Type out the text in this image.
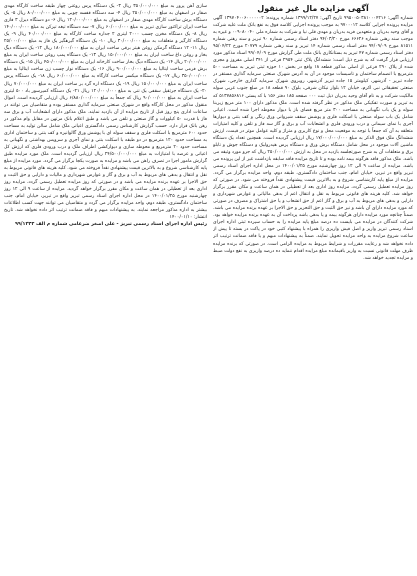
آگهی مزایده مال غیر منقول

شماره آگهی: ۹۹۵۰۰۵۰۳۸۱۰۰۰۴۲۱۶ تاریخ آگهی: ۱۳۹۹/۱۲/۲۷ شماره پرونده: ۱۳۹۷۰۴۰۰۶۰۰۰۰۰۰۲ آگهی مزایده پرونده اجرایی کلاسه ۹۷۰۰۰۱۲ به موجب پرونده اجرایی کلاسه فوق به نفع بانک ملت علیه شرکت و آقای وحید بدریان و متعهدین فرید بدریان و مهدی قلی نیا و شرکت به شماره ملی ۰۰۹۰۸۰۰۴۰ و غیره به موجب سند رهنی شماره ۶۶۶۲۶ مورخ ۹۴/۰۳/۲۰ دفتر اسناد رسمی شماره ۹۰ تبریز و سند رهنی شماره ۸۱۵۱۱ مورخ ۹۴/۰۹/۰۹ دفتر اسناد رسمی شماره ۱۴ تبریز و سند رهنی شماره ۲۰۷۷۹ مورخ ۹۵/۰۴/۲۲ دفتر اسناد رسمی شماره ۴۷ تبریز به بستانکاری بانک ملت طی گزارش مورخ ۹۹/۰۴/۰۹ اسناد مذکور مورد ارزیابی قرار گرفت که به شرح ذیل است: ششدانگ پلاک ثبتی ۲۹۵۴ فرعی از ۳۴۱ اصلی مفروز و مجزی شده از پلاک ۲۹۰ فرعی از اصلی مذکور قطعه ۱۸ واقع در بخش ۱۰ حوزه ثبتی تبریز به مساحت ۵۰۰ مترمربع با انضمام ساختمان و تاسیسات موجود در آن به آدرس شهرک صنعتی سرمایه گذاری مستقر در جاده تبریز - آذرشهر، کیلومتر ۱۵ جاده تبریز آذرشهر، روبروی شهرک سرمایه گذاری خارجی، شهرک صنعتی تحقیقاتی نبی اکرم، خیابان ۱۲ بلوار نیکان شرقی، بلوک ۹۰ قطعه ۱۸ در ضلع جنوب غربی سوله مالکیت شرکت و به نام آقای وحید بدریان ذیل ثبت ۰۰۰ صفحه ۱۸۵ دفتر ۱۵۶ با کد پستی ۵۱۳۷۸۵۶۸۱۶ که به تبریز و صورت تفکیکی ملک مذکور در نظر گرفته شده است. ملک مذکور دارای ۱۰۰ متر مربع زیربنا سوله و یک باب نگهبانی به مساحت ۳۰۰ متر مربع فضای باز با دیوار محوطه اجرا شده است. اعیانی شامل یک باب سوله صنعتی با اسکلت فلزی و پوشش سقف شیروانی ورق رنگی و کف بتنی و دیوارها آجری با نمای سیمانی و درب ورودی فلزی و انشعابات آب و برق و گاز سه فاز و تلفن و کلیه امتیازات متعلقه به آن که جمعاً با توجه به موقعیت محل و نوع کاربری و متراژ و کلیه عوامل موثر در قیمت، ارزش ششدانگ ملک فوق الذکر به مبلغ ۱۷/۰۰۰/۰۰۰/۰۰۰ ریال ارزیابی گردیده است. همچنین تعداد یک دستگاه ماشین آلات موجود در محل شامل دستگاه برش ورق و دستگاه پرس هیدرولیک و دستگاه جوش و تابلو برق و متعلقات آن به شرح صورتجلسه بازدید در محل به ارزش ۲۵۰/۰۰۰/۰۰۰ ریال که جزو مورد وثیقه می باشد. ملک مذکور فاقد هرگونه بیمه نامه بوده و تا تاریخ مزایده فاقد سابقه بازداشت غیر از این پرونده می باشد. مزایده از ساعت ۹ الی ۱۲ روز چهارشنبه مورخ ۱۴۰۰/۰۱/۲۵ در محل اداره اجرای اسناد رسمی تبریز واقع در تبریز، خیابان امام، جنب ساختمان دادگستری، طبقه دوم، واحد مزایده برگزار می گردد. مزایده از مبلغ پایه کارشناسی شروع و به بالاترین قیمت پیشنهادی نقداً فروخته می شود. در صورتی که روز مزایده تعطیل رسمی گردد، مزایده روز اداری بعد از تعطیلی در همان ساعت و مکان مقرر برگزار خواهد شد. کلیه هزینه های قانونی مربوط به نقل و انتقال اعم از بدهی مالیاتی و عوارض شهرداری و دارایی و بدهی های مربوط به آب و برق و گاز اعم از حق انشعاب و یا حق اشتراک و مصرف در صورتی که مورد مزایده دارای آن باشد و نیز حق الثبت و حق التحریر و حق الاجرا بر عهده برنده مزایده می باشد. ضمناً چنانچه مورد مزایده دارای هرگونه بیمه و یا بدهی باشد پرداخت آن به عهده برنده مزایده خواهد بود. شرکت کنندگان در مزایده می بایست ده درصد مبلغ پایه مزایده را به حساب سپرده ثبتی اداره اجرای اسناد رسمی تبریز واریز و اصل فیش واریزی را همراه با پیشنهاد کتبی خود در پاکت در بسته تا پیش از ساعت شروع مزایده به واحد مزایده تحویل نمایند. ضمناً به پیشنهادات مبهم و یا فاقد ضمانت ترتیب اثر داده نخواهد شد و رعایت مقررات و شرایط مربوط به مزایده الزامی است. در صورتی که برنده مزایده ظرف مهلت قانونی نسبت به واریز باقیمانده مبلغ مزایده اقدام ننماید ده درصد واریزی به نفع دولت ضبط و مزایده تجدید خواهد شد.

سازی آهن پرور به مبلغ ۳۵۰/۰۰۰/۰۰۰ ریال ۳- یک دستگاه پرس روغنی چهار طبقه ساخت کارگاه مهدی صفار در اصفهان به مبلغ ۲۵۰/۰۰۰/۰۰۰ ریال ۴- سه دستگاه قفسه چوبی به مبلغ ۸۰/۰۰۰/۰۰۰ ریال ۵- یک دستگاه برش ساخت کارگاه مهدی صفار در اصفهان به مبلغ ۱۲۰/۰۰۰/۰۰۰ ریال ۶- دو دستگاه دیزل ۳ فازی ساخت ایران تراکتور سازی تبریز به مبلغ ۶۰/۰۰۰/۰۰۰ ریال ۷- سه دستگاه تیغه تیزکن به مبلغ ۱۴۰/۰۰۰/۰۰۰ ریال ۸- یک دستگاه مخزن چسب ۲۰۰۰ لیتری ۲ جداره ساخت کارگاه به مبلغ ۴۰/۰۰۰/۰۰۰ ریال ۹- یک دستگاه کارگیر و متعلقات به مبلغ ۳۰/۰۰۰/۰۰۰ ریال ۱۰- یک دستگاه گیرهگیر یک فاز به مبلغ ۲۵/۰۰۰/۰۰۰ ریال ۱۱- ۱۲ دستگاه گرمکن روغن هیتر برقی ساخت ایران به مبلغ ۱۸۰/۰۰۰/۰۰۰ ریال ۱۲- یک دستگاه دیگ بخار و روغن داغ ساخت ایران به مبلغ ۱۵۰/۰۰۰/۰۰۰ ریال ۱۳- یک دستگاه پمپ روغن ساخت ایران به مبلغ ۲۰/۰۰۰/۰۰۰ ریال ۱۴- یک دستگاه دیگ بخار ساخت کارخانه ایران به مبلغ ۴۵۰/۰۰۰/۰۰۰ ریال ۱۵- یک دستگاه برش فرمی ساخت ایتالیا به مبلغ ۹۰۰/۰۰۰/۰۰۰ ریال ۱۶- یک دستگاه نوار چسب زن ساخت ایتالیا به مبلغ ۳۵۰/۰۰۰/۰۰۰ ریال ۱۷- یک دستگاه میکسر ساخت کارگاه به مبلغ ۶۰/۰۰۰/۰۰۰ ریال ۱۸- یک دستگاه پرس ساخت ایران به مبلغ ۱۵۰/۰۰۰/۰۰۰ ریال ۱۹- یک دستگاه اره گرد بر ساخت ایران به مبلغ ۷۰/۰۰۰/۰۰۰ ریال ۲۰- یک دستگاه جرثقیل سقفی یک تنی به مبلغ ۱۲۰/۰۰۰/۰۰۰ ریال ۲۱- یک دستگاه کمپرسور باد ۵۰۰ لیتری ساخت ایران به مبلغ ۹۰/۰۰۰/۰۰۰ ریال که جمعاً به مبلغ ۶/۸۸۰/۰۰۰/۰۰۰ ریال ارزیابی گردیده است. اموال منقول مذکور در محل کارگاه واقع در شهرک صنعتی سرمایه گذاری مستقر بوده و متقاضیان می توانند در ساعات اداری پنج روز قبل از تاریخ مزایده از آن بازدید نمایند. ملک مذکور دارای انشعابات آب و برق سه فاز با قدرت ۵۰ کیلووات و گاز صنعتی و تلفن می باشد و طبق اعلام بانک مرتهن در مقابل وام مذکور در رهن بانک قرار دارد. حسب گزارش کارشناس رسمی دادگستری اعیانی ملک شامل سالن تولید به مساحت حدود ۶۰۰ مترمربع با اسکلت فلزی و سقف سوله ای با پوشش ورق گالوانیزه و کف بتنی و ساختمان اداری به مساحت حدود ۱۲۰ مترمربع در دو طبقه با اسکلت بتنی و نمای آجری و سرویس بهداشتی و نگهبانی به مساحت حدود ۲۰ مترمربع و محوطه سازی و دیوارکشی اطراف ملک و درب ورودی فلزی که ارزش کل اعیانی و عرصه با امتیازات به مبلغ ۲۴/۵۰۰/۰۰۰/۰۰۰ ریال ارزیابی گردیده است. ملک مورد مزایده طبق گزارش مامور اجرا در تصرف راهن می باشد و مزایده به صورت یکجا برگزار می گردد. مورد مزایده از مبلغ پایه کارشناسی شروع و به بالاترین قیمت پیشنهادی نقداً فروخته می شود. کلیه هزینه های قانونی مربوط به نقل و انتقال و بدهی های مربوط به آب و برق و گاز و عوارض شهرداری و مالیات و دارایی و حق الثبت و حق الاجرا بر عهده برنده مزایده می باشد و در صورتی که روز مزایده تعطیل رسمی گردد، مزایده روز اداری بعد از تعطیلی در همان ساعت و مکان مقرر برگزار خواهد گردید. مزایده از ساعت ۹ الی ۱۲ روز چهارشنبه مورخ ۱۴۰۰/۰۱/۲۵ در محل اداره اجرای اسناد رسمی تبریز واقع در تبریز، خیابان امام، جنب ساختمان دادگستری، طبقه دوم، واحد مزایده برگزار می گردد و متقاضیان می توانند جهت کسب اطلاعات بیشتر به اداره مذکور مراجعه نمایند. به پیشنهادات مبهم و فاقد ضمانت ترتیب اثر داده نخواهد شد. تاریخ انتشار: ۱۴۰۰/۰۱/۱۰

رئیس اداره اجرای اسناد رسمی تبریز - علی اصغر ضرغامی شماره م الف ۹۹/۱۲۴۳
